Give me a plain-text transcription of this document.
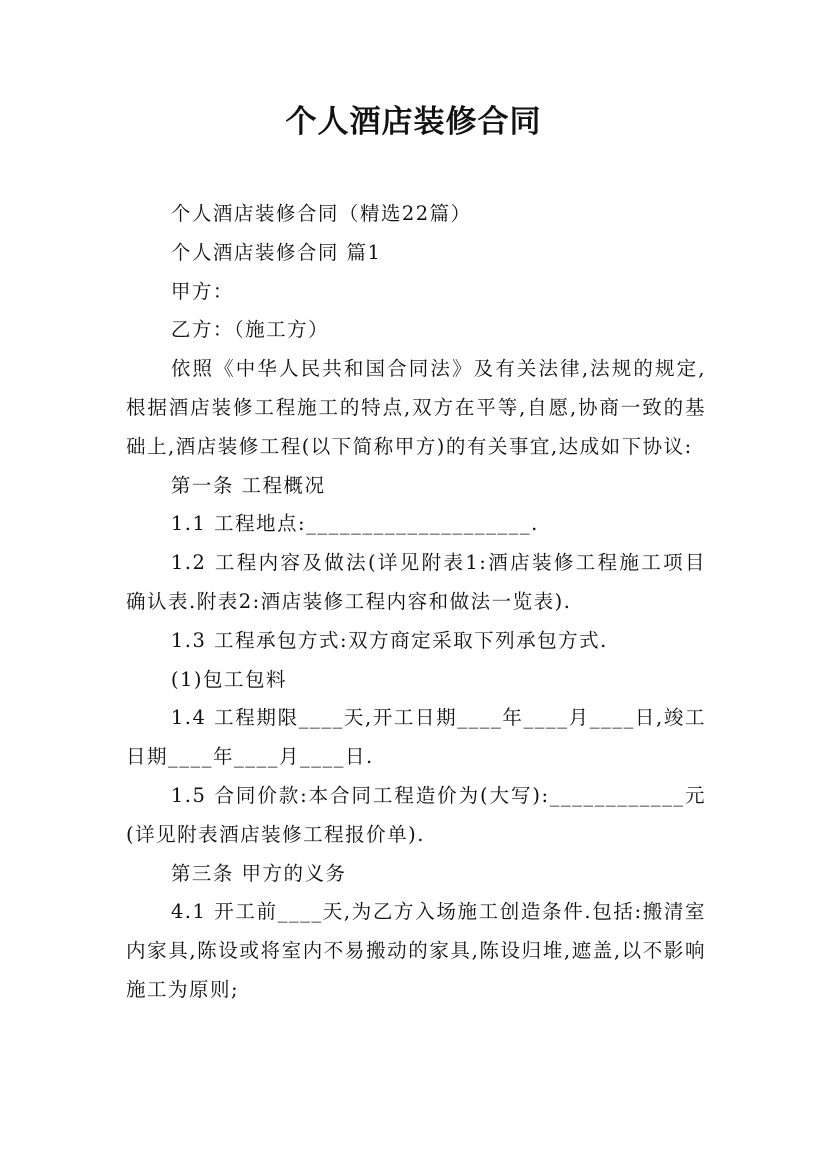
个人酒店装修合同

个人酒店装修合同（精选22篇）

个人酒店装修合同 篇1

甲方：

乙方：（施工方）

依照《中华人民共和国合同法》及有关法律,法规的规定,根据酒店装修工程施工的特点,双方在平等,自愿,协商一致的基础上,酒店装修工程(以下简称甲方)的有关事宜,达成如下协议:

第一条 工程概况

1.1 工程地点:____________________.

1.2 工程内容及做法(详见附表1:酒店装修工程施工项目确认表.附表2:酒店装修工程内容和做法一览表).

1.3 工程承包方式:双方商定采取下列承包方式.

(1)包工包料

1.4 工程期限____天,开工日期____年____月____日,竣工日期____年____月____日.

1.5 合同价款:本合同工程造价为(大写):____________元(详见附表酒店装修工程报价单).

第三条 甲方的义务

4.1 开工前____天,为乙方入场施工创造条件.包括:搬清室内家具,陈设或将室内不易搬动的家具,陈设归堆,遮盖,以不影响施工为原则;
